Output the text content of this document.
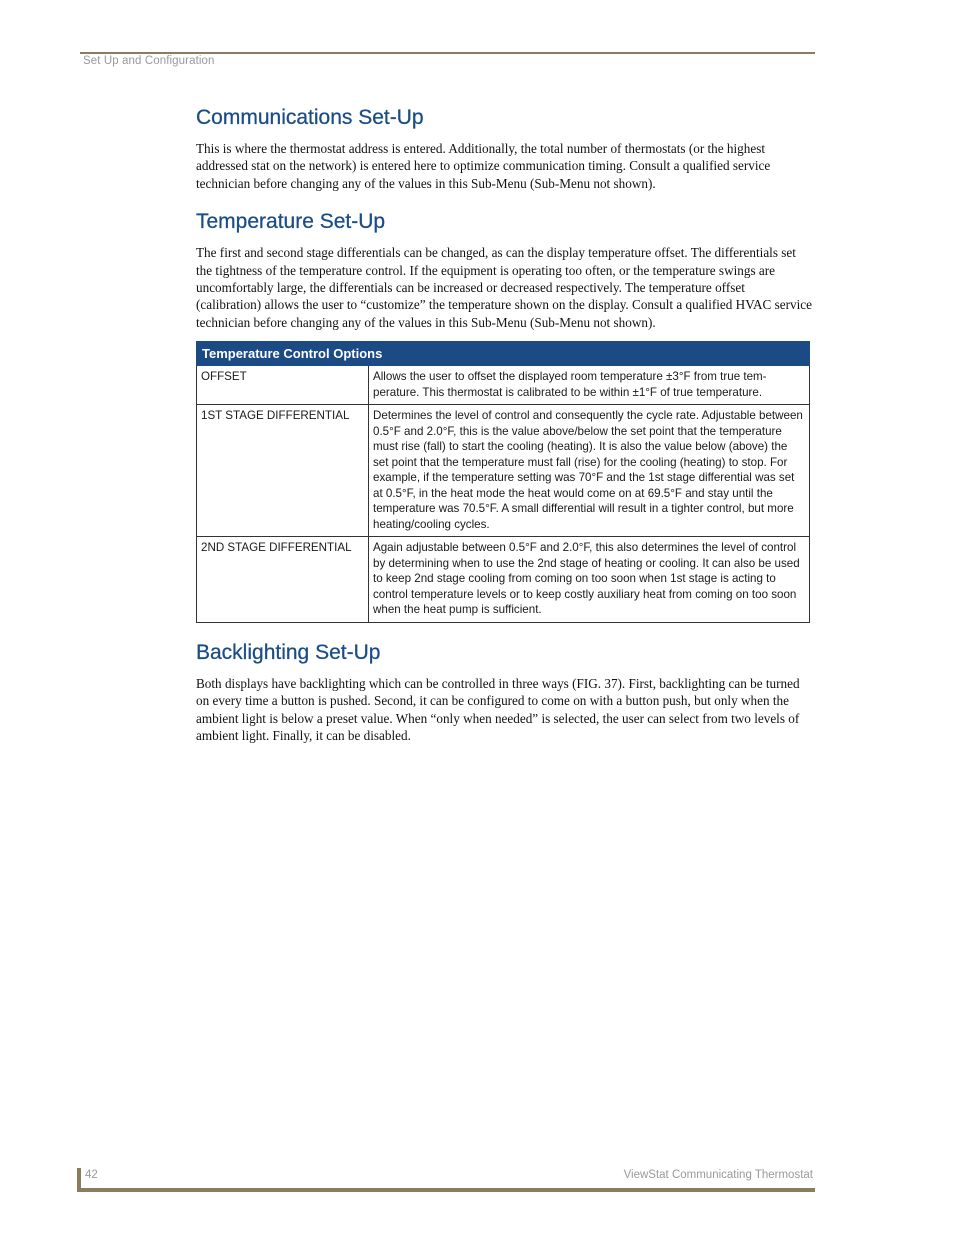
Set Up and Configuration
Communications Set-Up

This is where the thermostat address is entered. Additionally, the total number of thermostats (or the highest addressed stat on the network) is entered here to optimize communication timing. Consult a qualified service technician before changing any of the values in this Sub-Menu (Sub-Menu not shown).

Temperature Set-Up

The first and second stage differentials can be changed, as can the display temperature offset. The differentials set the tightness of the temperature control. If the equipment is operating too often, or the temperature swings are uncomfortably large, the differentials can be increased or decreased respectively. The temperature offset (calibration) allows the user to “customize” the temperature shown on the display. Consult a qualified HVAC service technician before changing any of the values in this Sub-Menu (Sub-Menu not shown).

Temperature Control Options	
OFFSET	Allows the user to offset the displayed room temperature ±3°F from true tem-perature. This thermostat is calibrated to be within ±1°F of true temperature.
1ST STAGE DIFFERENTIAL	Determines the level of control and consequently the cycle rate. Adjustable between 0.5°F and 2.0°F, this is the value above/below the set point that the temperature must rise (fall) to start the cooling (heating). It is also the value below (above) the set point that the temperature must fall (rise) for the cooling (heating) to stop. For example, if the temperature setting was 70°F and the 1st stage differential was set at 0.5°F, in the heat mode the heat would come on at 69.5°F and stay until the temperature was 70.5°F. A small differential will result in a tighter control, but more heating/cooling cycles.
2ND STAGE DIFFERENTIAL	Again adjustable between 0.5°F and 2.0°F, this also determines the level of control by determining when to use the 2nd stage of heating or cooling. It can also be used to keep 2nd stage cooling from coming on too soon when 1st stage is acting to control temperature levels or to keep costly auxiliary heat from coming on too soon when the heat pump is sufficient.
Backlighting Set-Up

Both displays have backlighting which can be controlled in three ways (FIG. 37). First, backlighting can be turned on every time a button is pushed. Second, it can be configured to come on with a button push, but only when the ambient light is below a preset value. When “only when needed” is selected, the user can select from two levels of ambient light. Finally, it can be disabled.

42	ViewStat Communicating Thermostat
